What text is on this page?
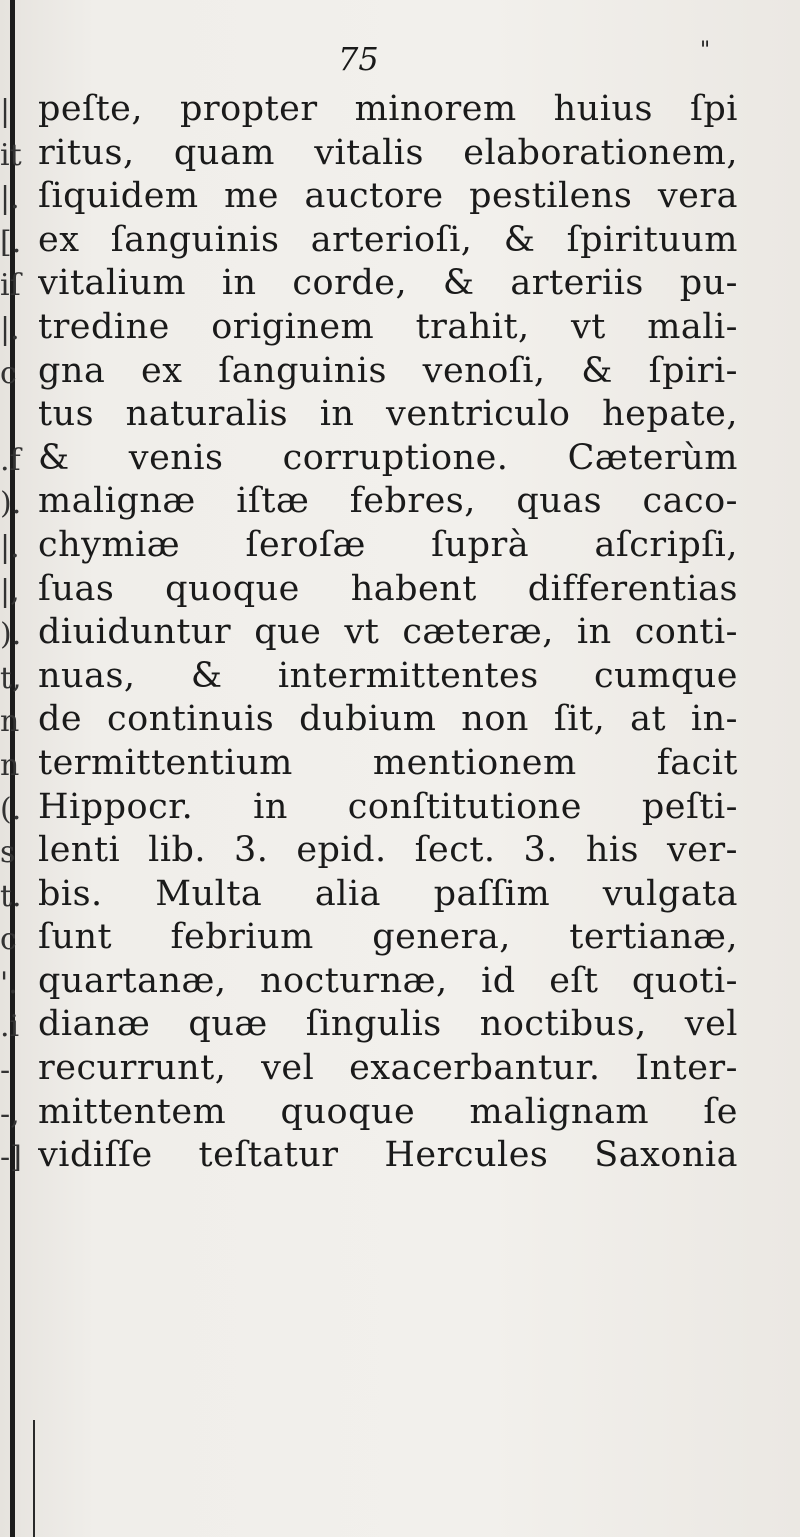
75	"
|
it
|.
[.
iſ
|.
c
.f
).
|.
|,
).
t,
n
n
(.
s
t.
c
'.
.i
-
-,
-]
peſte, propter minorem huius ſpi
ritus, quam vitalis elaborationem,
ſiquidem me auctore pestilens vera
ex ſanguinis arterioſi, & ſpirituum
vitalium in corde, & arteriis pu-
tredine originem trahit, vt mali-
gna ex ſanguinis venoſi, & ſpiri-
tus naturalis in ventriculo hepate,
& venis corruptione. Cæterùm
malignæ iſtæ febres, quas caco-
chymiæ ſeroſæ ſuprà aſcripſi,
ſuas quoque habent differentias
diuiduntur que vt cæteræ, in conti-
nuas, & intermittentes cumque
de continuis dubium non ſit, at in-
termittentium mentionem facit
Hippocr. in conſtitutione peſti-
lenti lib. 3. epid. ſect. 3. his ver-
bis. Multa alia paſſim vulgata
ſunt febrium genera, tertianæ,
quartanæ, nocturnæ, id eſt quoti-
dianæ quæ ſingulis noctibus, vel
recurrunt, vel exacerbantur. Inter-
mittentem quoque malignam ſe
vidiſſe teſtatur Hercules Saxonia
